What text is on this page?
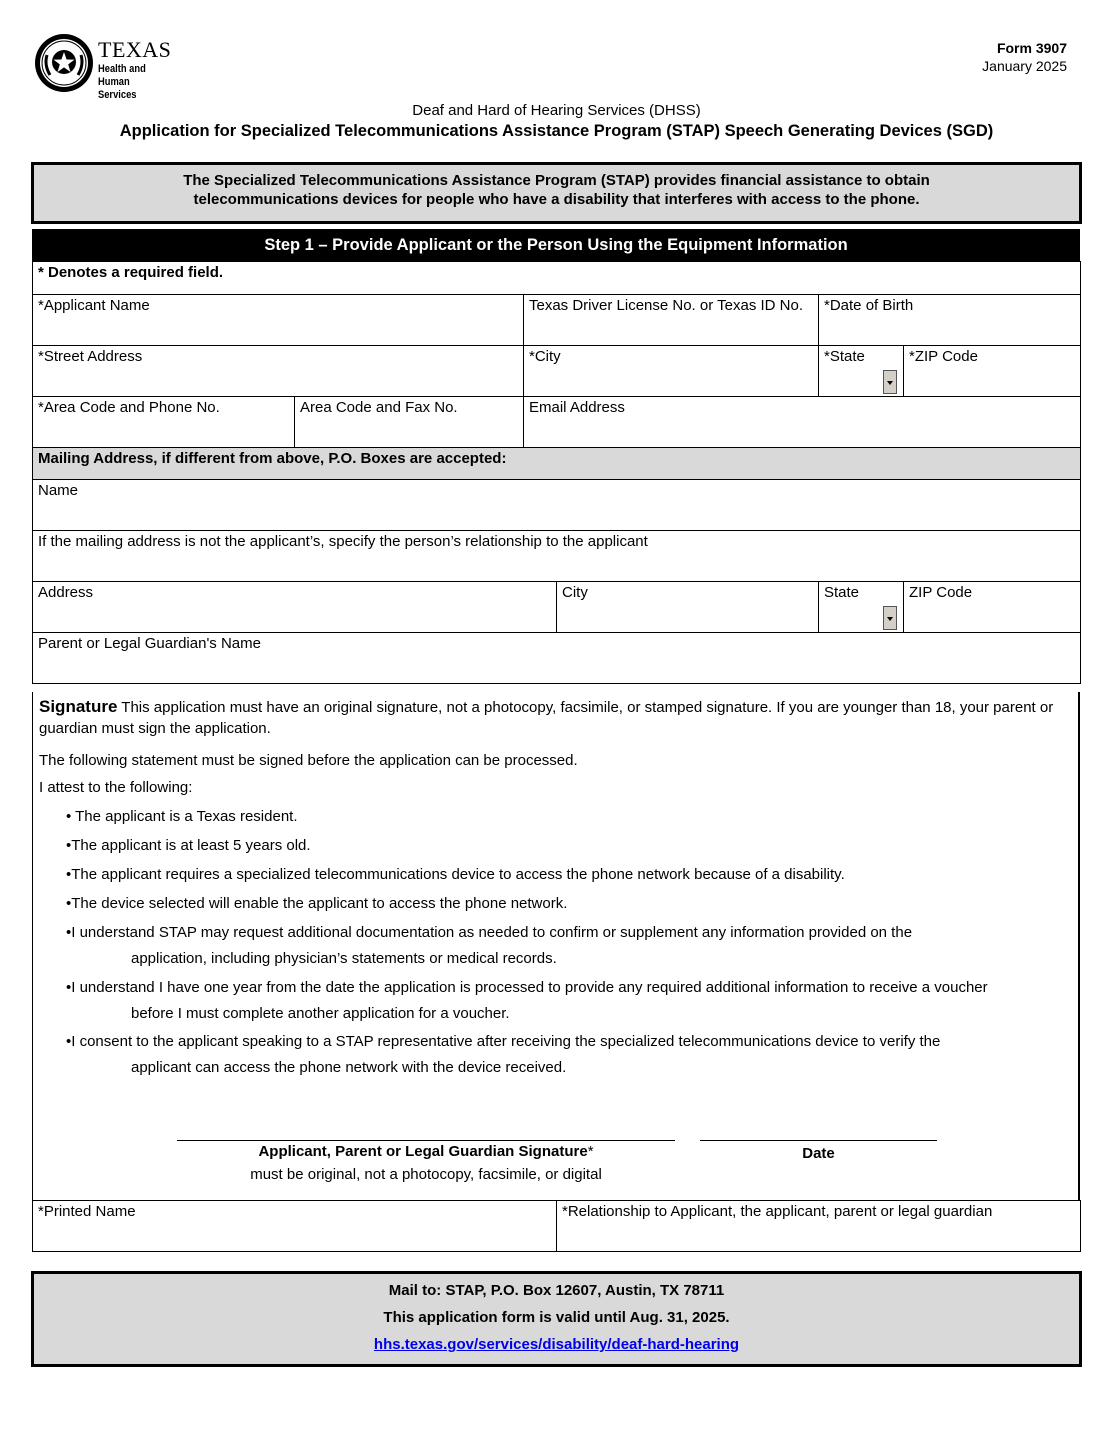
TEXAS
Health and Human
Services
Form 3907
January 2025
Deaf and Hard of Hearing Services (DHSS)
Application for Specialized Telecommunications Assistance Program (STAP) Speech Generating Devices (SGD)
The Specialized Telecommunications Assistance Program (STAP) provides financial assistance to obtain
telecommunications devices for people who have a disability that interferes with access to the phone.
Step 1 – Provide Applicant or the Person Using the Equipment Information
* Denotes a required field.					
*Applicant Name		Texas Driver License No. or Texas ID No.		*Date of Birth	
*Street Address		*City		*State	*ZIP Code
*Area Code and Phone No.	Area Code and Fax No.	Email Address			
Mailing Address, if different from above, P.O. Boxes are accepted:					
Name					
If the mailing address is not the applicant’s, specify the person’s relationship to the applicant					
Address			City	State	ZIP Code
Parent or Legal Guardian's Name					
Signature This application must have an original signature, not a photocopy, facsimile, or stamped signature. If you are younger than 18, your parent or guardian must sign the application.
The following statement must be signed before the application can be processed.
I attest to the following:
• The applicant is a Texas resident.
•The applicant is at least 5 years old.
•The applicant requires a specialized telecommunications device to access the phone network because of a disability.
•The device selected will enable the applicant to access the phone network.
•I understand STAP may request additional documentation as needed to confirm or supplement any information provided on the
application, including physician’s statements or medical records.
•I understand I have one year from the date the application is processed to provide any required additional information to receive a voucher
before I must complete another application for a voucher.
•I consent to the applicant speaking to a STAP representative after receiving the specialized telecommunications device to verify the
applicant can access the phone network with the device received.
Applicant, Parent or Legal Guardian Signature*
must be original, not a photocopy, facsimile, or digital
Date
*Printed Name	*Relationship to Applicant, the applicant, parent or legal guardian
Mail to: STAP, P.O. Box 12607, Austin, TX 78711
This application form is valid until Aug. 31, 2025.
hhs.texas.gov/services/disability/deaf-hard-hearing
